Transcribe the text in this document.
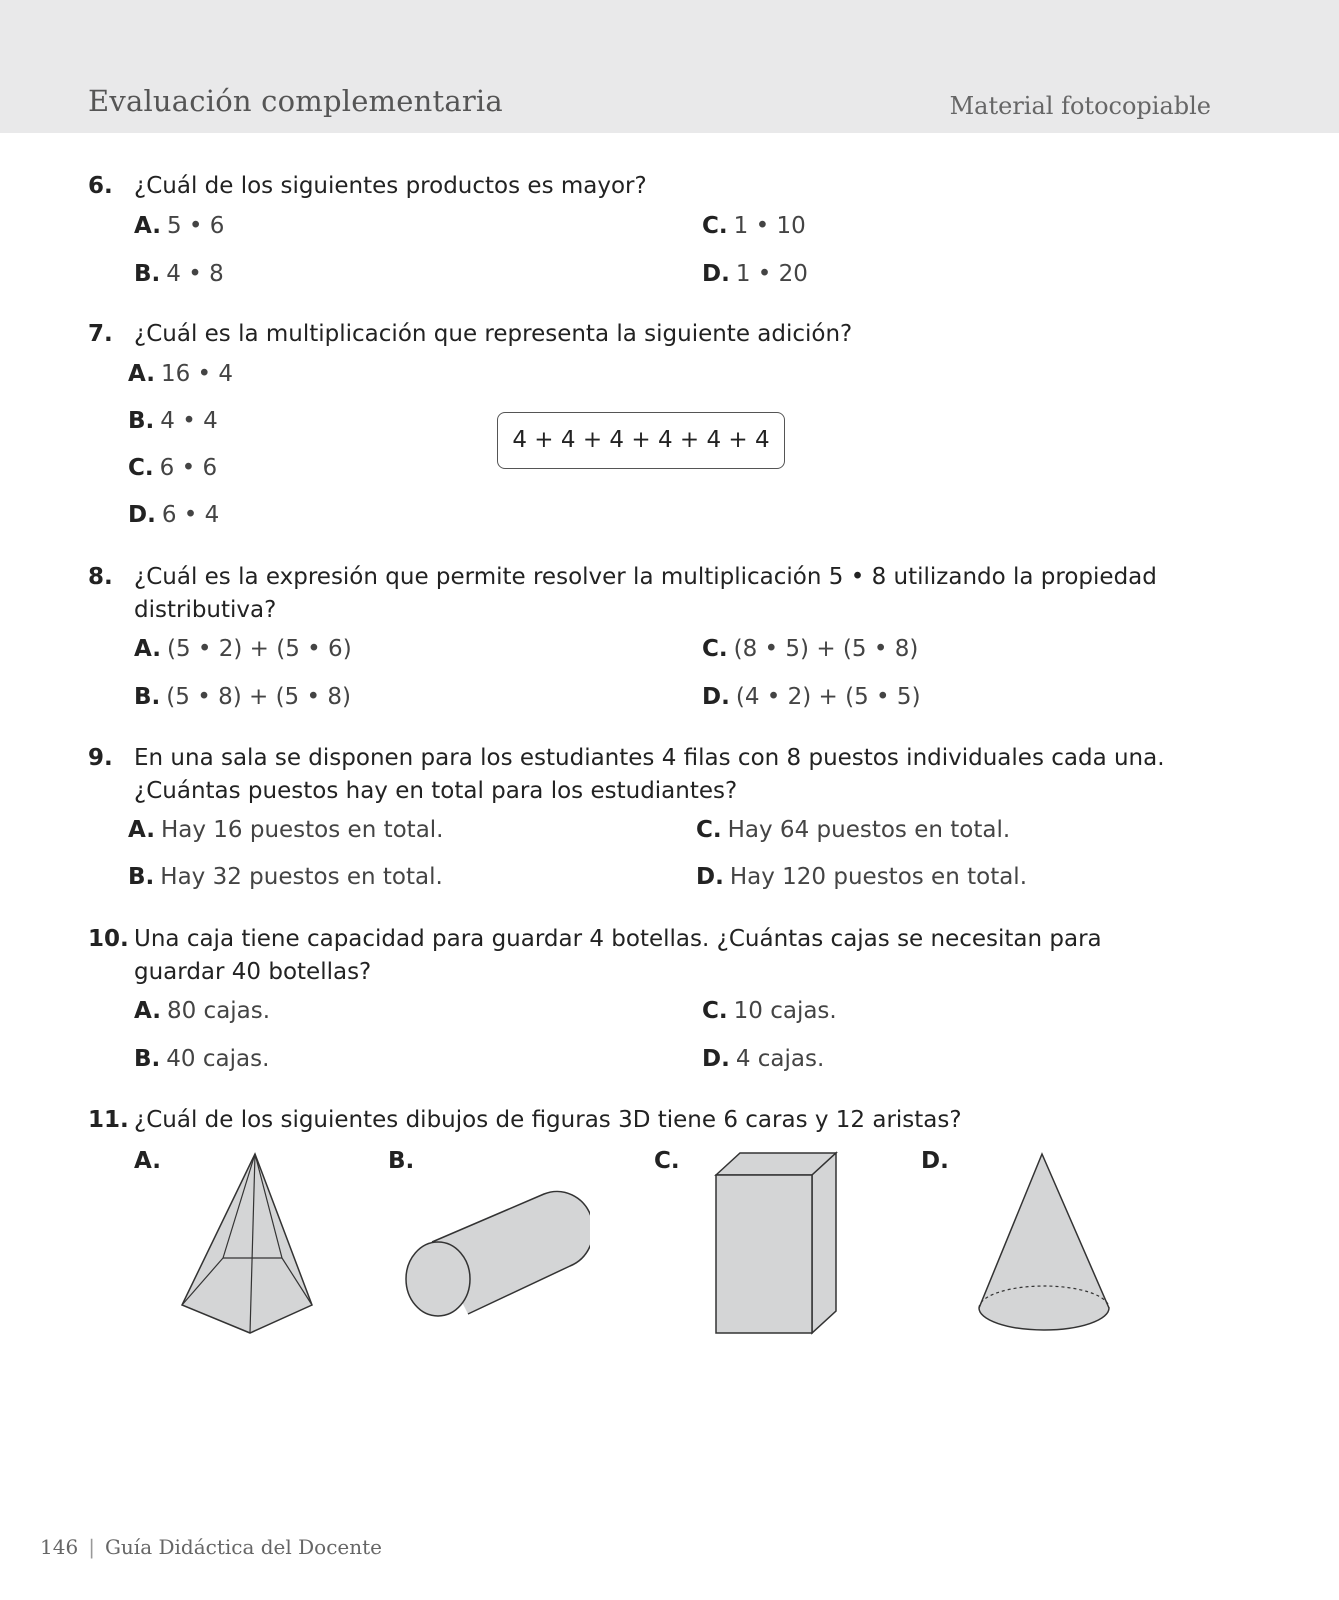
Evaluación complementaria	Material fotocopiable
6. ¿Cuál de los siguientes productos es mayor?
A. 5 • 6
B. 4 • 8
C. 1 • 10
D. 1 • 20
7. ¿Cuál es la multiplicación que representa la siguiente adición?
A. 16 • 4
B. 4 • 4
C. 6 • 6
D. 6 • 4
4 + 4 + 4 + 4 + 4 + 4
8. ¿Cuál es la expresión que permite resolver la multiplicación 5 • 8 utilizando la propiedad distributiva?
A. (5 • 2) + (5 • 6)
B. (5 • 8) + (5 • 8)
C. (8 • 5) + (5 • 8)
D. (4 • 2) + (5 • 5)
9. En una sala se disponen para los estudiantes 4 filas con 8 puestos individuales cada una. ¿Cuántas puestos hay en total para los estudiantes?
A. Hay 16 puestos en total.
B. Hay 32 puestos en total.
C. Hay 64 puestos en total.
D. Hay 120 puestos en total.
10. Una caja tiene capacidad para guardar 4 botellas. ¿Cuántas cajas se necesitan para guardar 40 botellas?
A. 80 cajas.
B. 40 cajas.
C. 10 cajas.
D. 4 cajas.
11. ¿Cuál de los siguientes dibujos de figuras 3D tiene 6 caras y 12 aristas?
A.	B.	C.	D.
146 | Guía Didáctica del Docente
